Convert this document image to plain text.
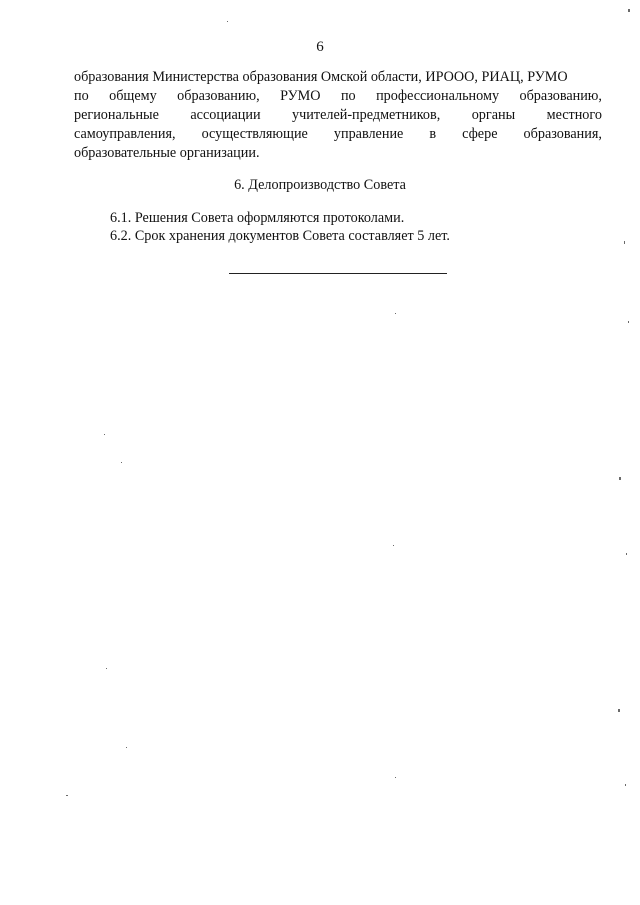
6
образования Министерства образования Омской области, ИРООО, РИАЦ, РУМО
по общему образованию, РУМО по профессиональному образованию,
региональные ассоциации учителей-предметников, органы местного
самоуправления, осуществляющие управление в сфере образования,
образовательные организации.
6. Делопроизводство Совета
6.1. Решения Совета оформляются протоколами.
6.2. Срок хранения документов Совета составляет 5 лет.
